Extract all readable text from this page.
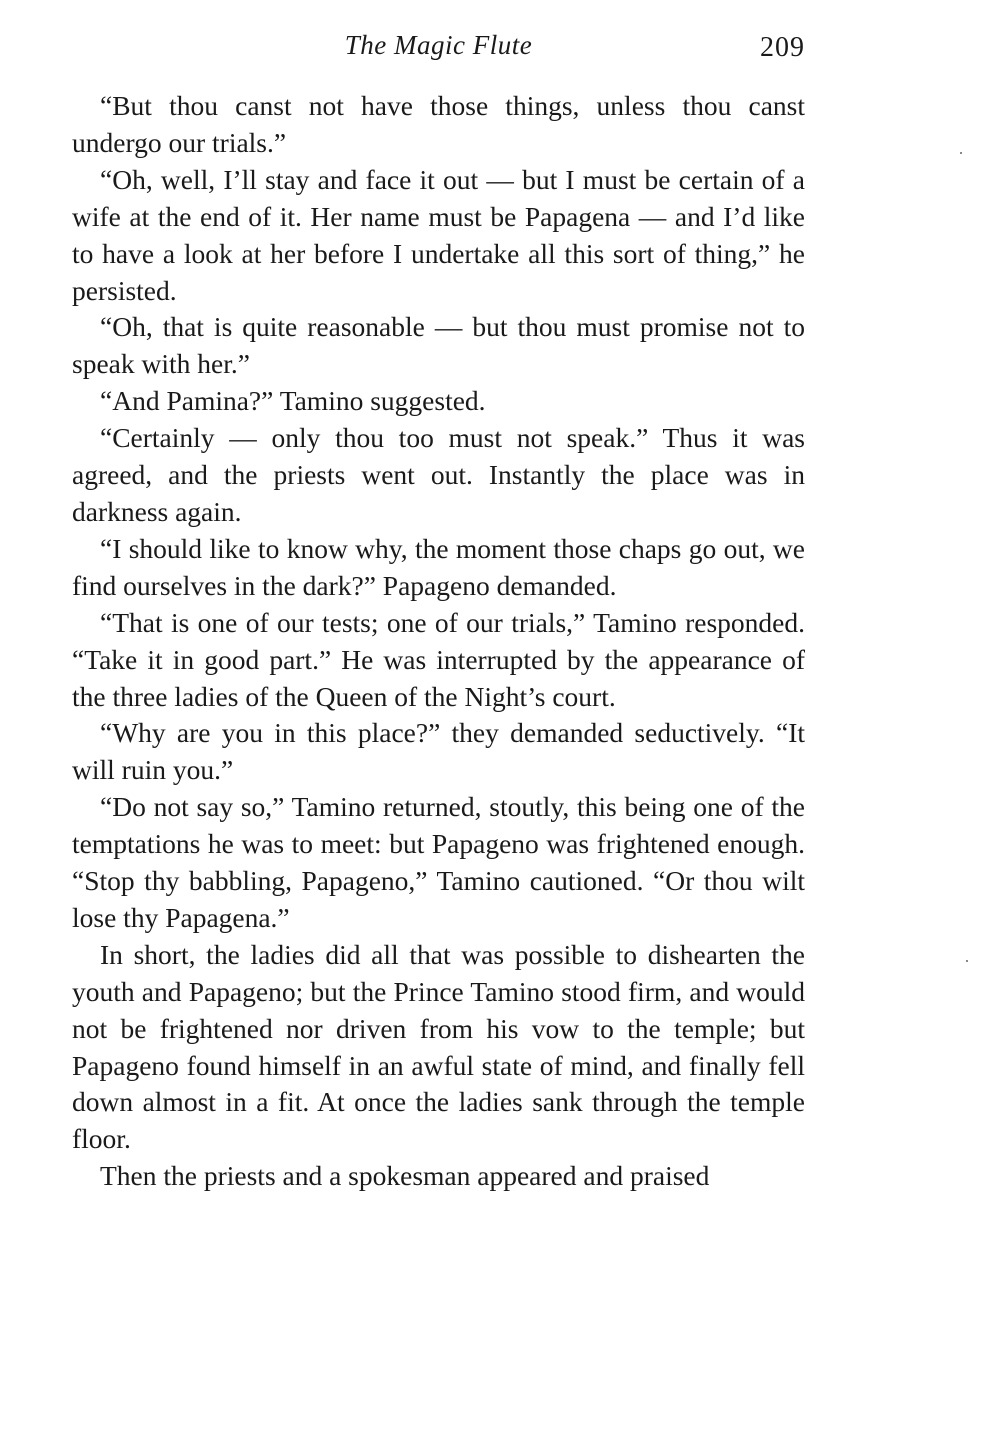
The Magic Flute	209

“But thou canst not have those things, unless thou canst undergo our trials.”

“Oh, well, I’ll stay and face it out — but I must be certain of a wife at the end of it. Her name must be Papagena — and I’d like to have a look at her before I undertake all this sort of thing,” he persisted.

“Oh, that is quite reasonable — but thou must promise not to speak with her.”

“And Pamina?” Tamino suggested.

“Certainly — only thou too must not speak.” Thus it was agreed, and the priests went out. Instantly the place was in darkness again.

“I should like to know why, the moment those chaps go out, we find ourselves in the dark?” Papageno demanded.

“That is one of our tests; one of our trials,” Tamino responded. “Take it in good part.” He was interrupted by the appearance of the three ladies of the Queen of the Night’s court.

“Why are you in this place?” they demanded seductively. “It will ruin you.”

“Do not say so,” Tamino returned, stoutly, this being one of the temptations he was to meet: but Papageno was frightened enough. “Stop thy babbling, Papageno,” Tamino cautioned. “Or thou wilt lose thy Papagena.”

In short, the ladies did all that was possible to dishearten the youth and Papageno; but the Prince Tamino stood firm, and would not be frightened nor driven from his vow to the temple; but Papageno found himself in an awful state of mind, and finally fell down almost in a fit. At once the ladies sank through the temple floor.

Then the priests and a spokesman appeared and praised
